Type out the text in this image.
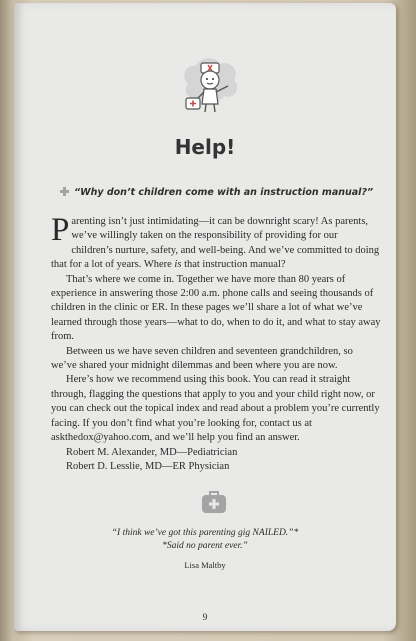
Help!
“Why don’t children come with an instruction manual?”

Parenting isn’t just intimidating—it can be downright scary! As parents, we’ve willingly taken on the responsibility of providing for our children’s nurture, safety, and well-being. And we’ve committed to doing that for a lot of years. Where is that instruction manual?

That’s where we come in. Together we have more than 80 years of experience in answering those 2:00 a.m. phone calls and seeing thousands of children in the clinic or ER. In these pages we’ll share a lot of what we’ve learned through those years—what to do, when to do it, and what to stay away from.

Between us we have seven children and seventeen grandchildren, so we’ve shared your midnight dilemmas and been where you are now.

Here’s how we recommend using this book. You can read it straight through, flagging the questions that apply to you and your child right now, or you can check out the topical index and read about a problem you’re currently facing. If you don’t find what you’re looking for, contact us at askthedox@yahoo.com, and we’ll help you find an answer.

Robert M. Alexander, MD—Pediatrician
Robert D. Lesslie, MD—ER Physician
“I think we’ve got this parenting gig NAILED.”*
*Said no parent ever.”
Lisa Maltby
9
